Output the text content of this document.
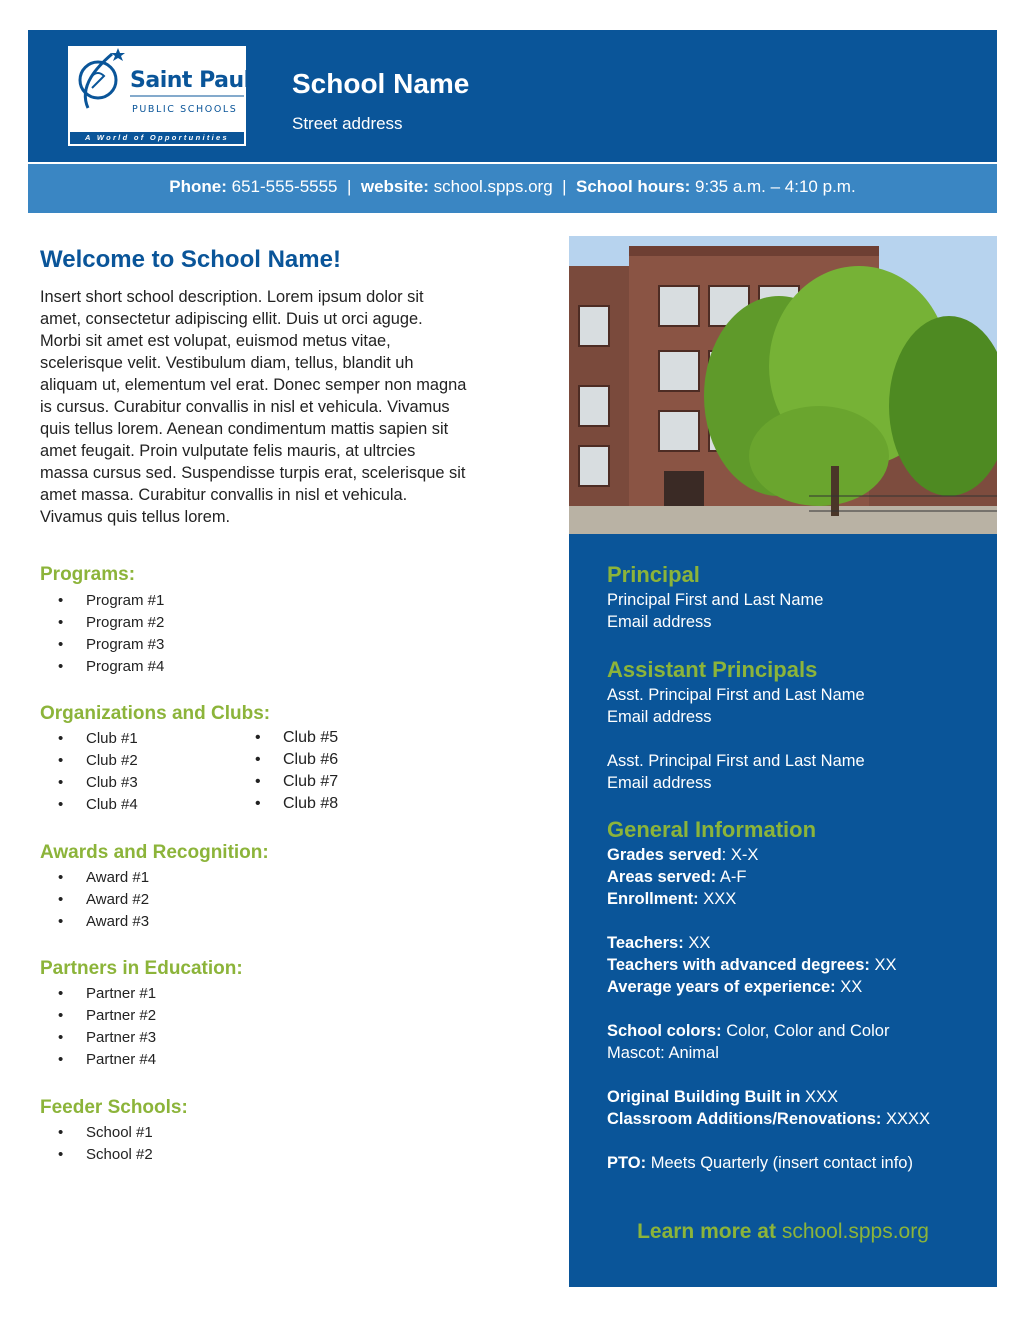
Saint Paul
PUBLIC SCHOOLS
A World of Opportunities
School Name
Street address
Phone: 651-555-5555 | website: school.spps.org | School hours: 9:35 a.m. – 4:10 p.m.
Welcome to School Name!
Insert short school description. Lorem ipsum dolor sit
amet, consectetur adipiscing ellit. Duis ut orci aguge.
Morbi sit amet est volupat, euismod metus vitae,
scelerisque velit. Vestibulum diam, tellus, blandit uh
aliquam ut, elementum vel erat. Donec semper non magna
is cursus. Curabitur convallis in nisl et vehicula. Vivamus
quis tellus lorem. Aenean condimentum mattis sapien sit
amet feugait. Proin vulputate felis mauris, at ultrcies
massa cursus sed. Suspendisse turpis erat, scelerisque sit
amet massa. Curabitur convallis in nisl et vehicula.
Vivamus quis tellus lorem.
Programs:
• Program #1
• Program #2
• Program #3
• Program #4
Organizations and Clubs:
• Club #1
• Club #2
• Club #3
• Club #4
• Club #5
• Club #6
• Club #7
• Club #8
Awards and Recognition:
• Award #1
• Award #2
• Award #3
Partners in Education:
• Partner #1
• Partner #2
• Partner #3
• Partner #4
Feeder Schools:
• School #1
• School #2
Principal
Principal First and Last Name
Email address
Assistant Principals
Asst. Principal First and Last Name
Email address
Asst. Principal First and Last Name
Email address
General Information
Grades served: X-X
Areas served: A-F
Enrollment: XXX
Teachers: XX
Teachers with advanced degrees: XX
Average years of experience: XX
School colors: Color, Color and Color
Mascot: Animal
Original Building Built in XXX
Classroom Additions/Renovations: XXXX
PTO: Meets Quarterly (insert contact info)
Learn more at school.spps.org
